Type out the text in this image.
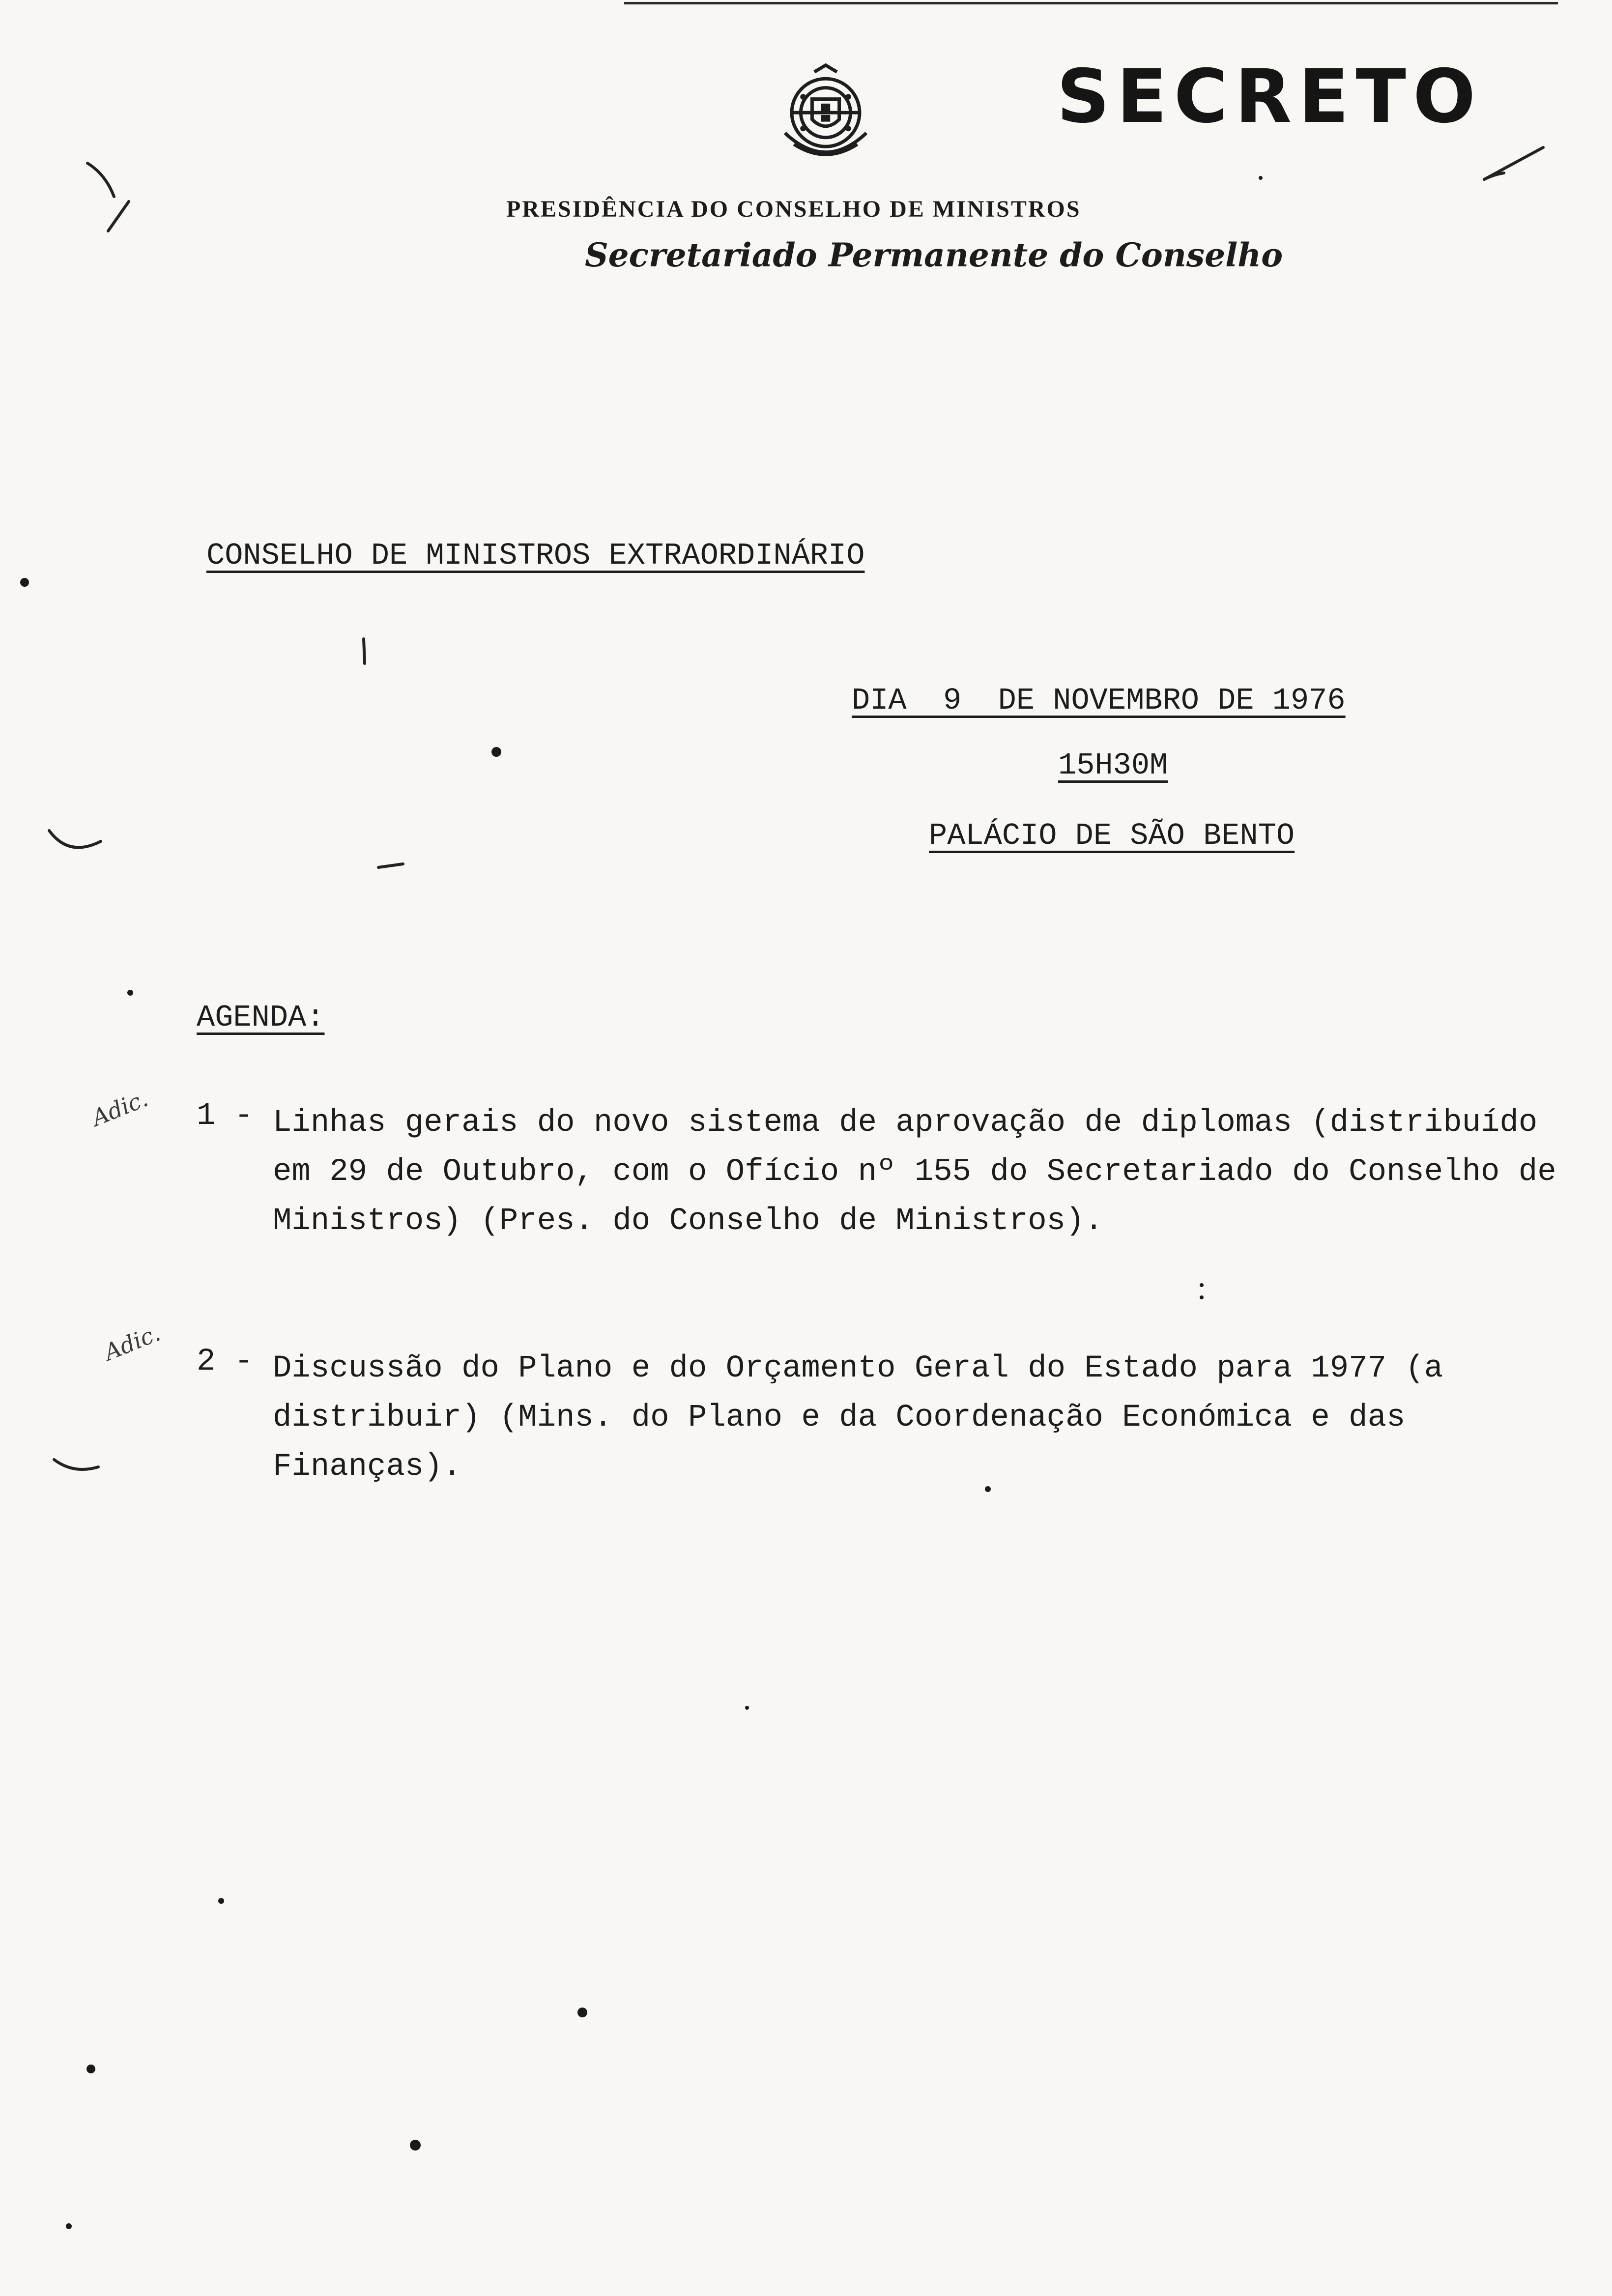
SECRETO
PRESIDÊNCIA DO CONSELHO DE MINISTROS
Secretariado Permanente do Conselho
CONSELHO DE MINISTROS EXTRAORDINÁRIO
DIA  9  DE NOVEMBRO DE 1976
15H30M
PALÁCIO DE SÃO BENTO
AGENDA:
Adic. 1 - Linhas gerais do novo sistema de aprovação de diplomas (distribuído em 29 de Outubro, com o Ofício nº 155 do Secretariado do Conselho de Ministros) (Pres. do Conselho de Ministros).
Adic. 2 - Discussão do Plano e do Orçamento Geral do Estado para 1977 (a distribuir) (Mins. do Plano e da Coordenação Económica e das Finanças).
